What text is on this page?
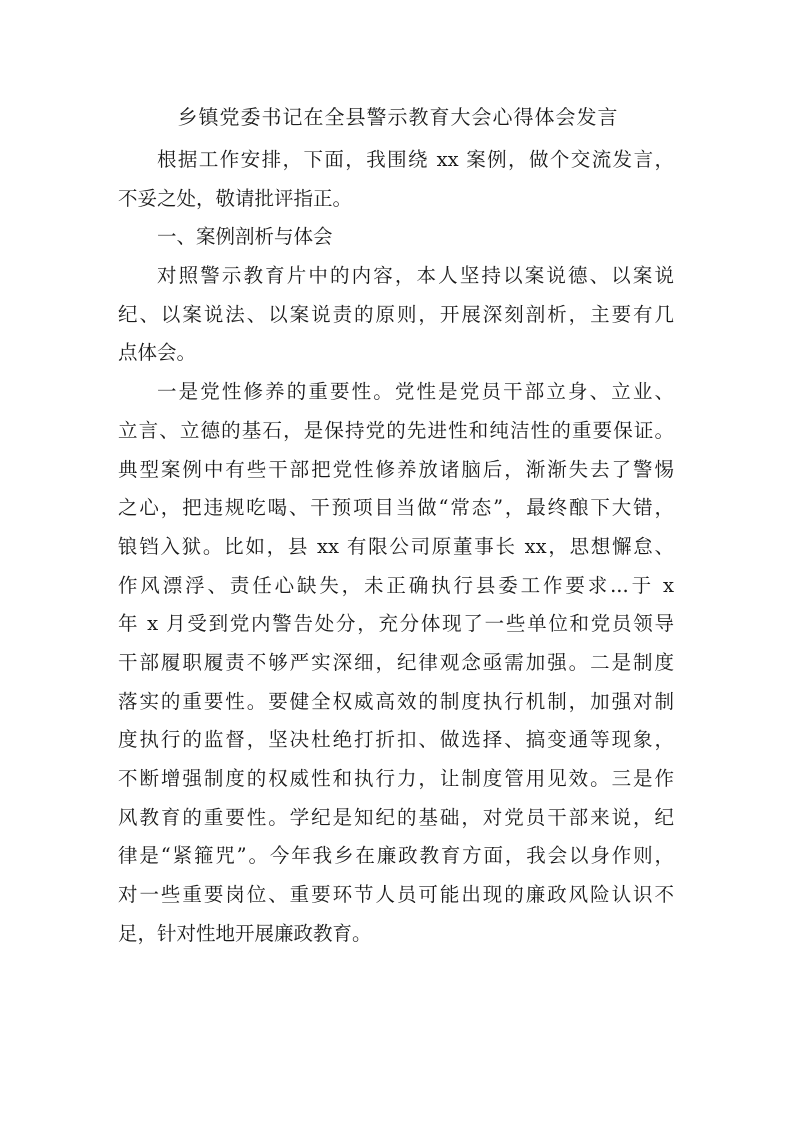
乡镇党委书记在全县警示教育大会心得体会发言
根据工作安排，下面，我围绕 xx 案例，做个交流发言，
不妥之处，敬请批评指正。
一、案例剖析与体会
对照警示教育片中的内容，本人坚持以案说德、以案说
纪、以案说法、以案说责的原则，开展深刻剖析，主要有几
点体会。
一是党性修养的重要性。党性是党员干部立身、立业、
立言、立德的基石，是保持党的先进性和纯洁性的重要保证。
典型案例中有些干部把党性修养放诸脑后，渐渐失去了警惕
之心，把违规吃喝、干预项目当做“常态”，最终酿下大错，
锒铛入狱。比如，县 xx 有限公司原董事长 xx，思想懈怠、
作风漂浮、责任心缺失，未正确执行县委工作要求...于 x
年 x 月受到党内警告处分，充分体现了一些单位和党员领导
干部履职履责不够严实深细，纪律观念亟需加强。二是制度
落实的重要性。要健全权威高效的制度执行机制，加强对制
度执行的监督，坚决杜绝打折扣、做选择、搞变通等现象，
不断增强制度的权威性和执行力，让制度管用见效。三是作
风教育的重要性。学纪是知纪的基础，对党员干部来说，纪
律是“紧箍咒”。今年我乡在廉政教育方面，我会以身作则，
对一些重要岗位、重要环节人员可能出现的廉政风险认识不
足，针对性地开展廉政教育。
